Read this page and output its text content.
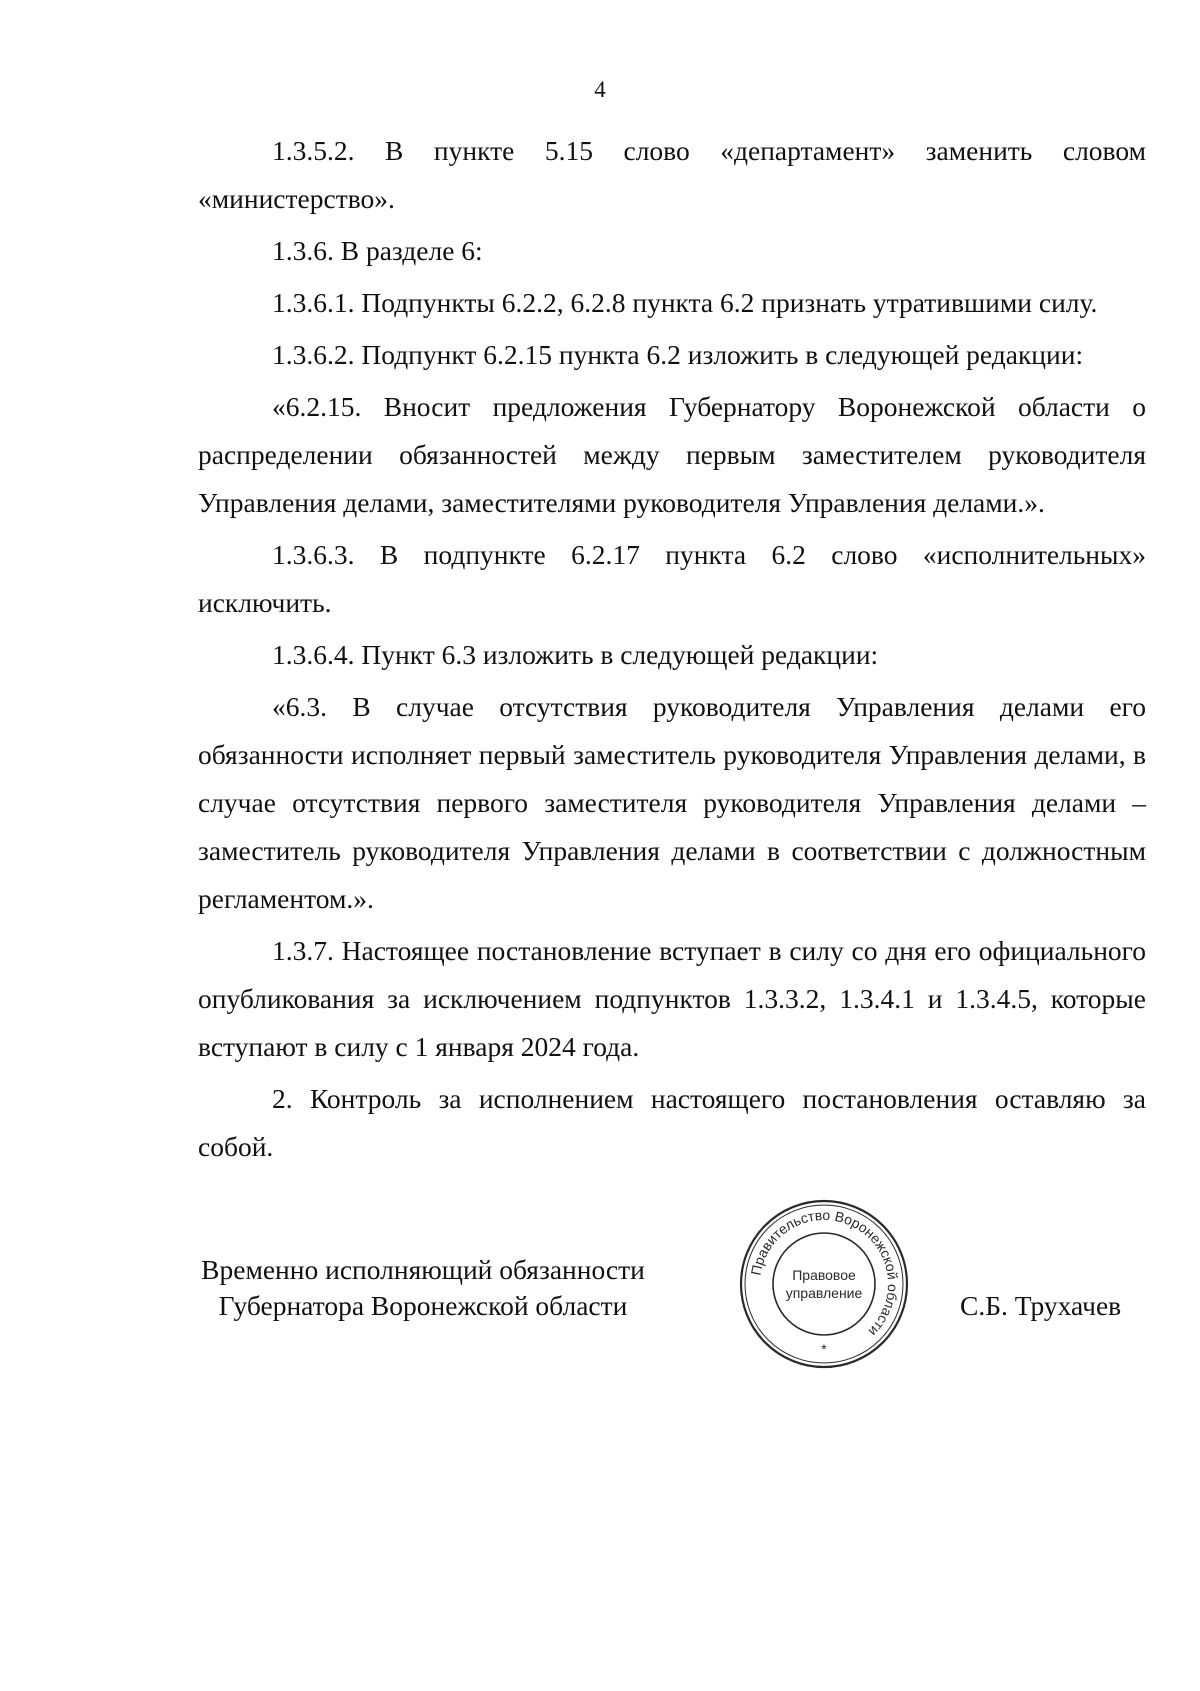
4

1.3.5.2. В пункте 5.15 слово «департамент» заменить словом «министерство».

1.3.6. В разделе 6:

1.3.6.1. Подпункты 6.2.2, 6.2.8 пункта 6.2 признать утратившими силу.

1.3.6.2. Подпункт 6.2.15 пункта 6.2 изложить в следующей редакции:

«6.2.15. Вносит предложения Губернатору Воронежской области о распределении обязанностей между первым заместителем руководителя Управления делами, заместителями руководителя Управления делами.».

1.3.6.3. В подпункте 6.2.17 пункта 6.2 слово «исполнительных» исключить.

1.3.6.4. Пункт 6.3 изложить в следующей редакции:

«6.3. В случае отсутствия руководителя Управления делами его обязанности исполняет первый заместитель руководителя Управления делами, в случае отсутствия первого заместителя руководителя Управления делами – заместитель руководителя Управления делами в соответствии с должностным регламентом.».

1.3.7. Настоящее постановление вступает в силу со дня его официального опубликования за исключением подпунктов 1.3.3.2, 1.3.4.1 и 1.3.4.5, которые вступают в силу с 1 января 2024 года.

2. Контроль за исполнением настоящего постановления оставляю за собой.

Временно исполняющий обязанности
Губернатора Воронежской области
Правительство Воронежской области
Правовое
управление
*
С.Б. Трухачев
